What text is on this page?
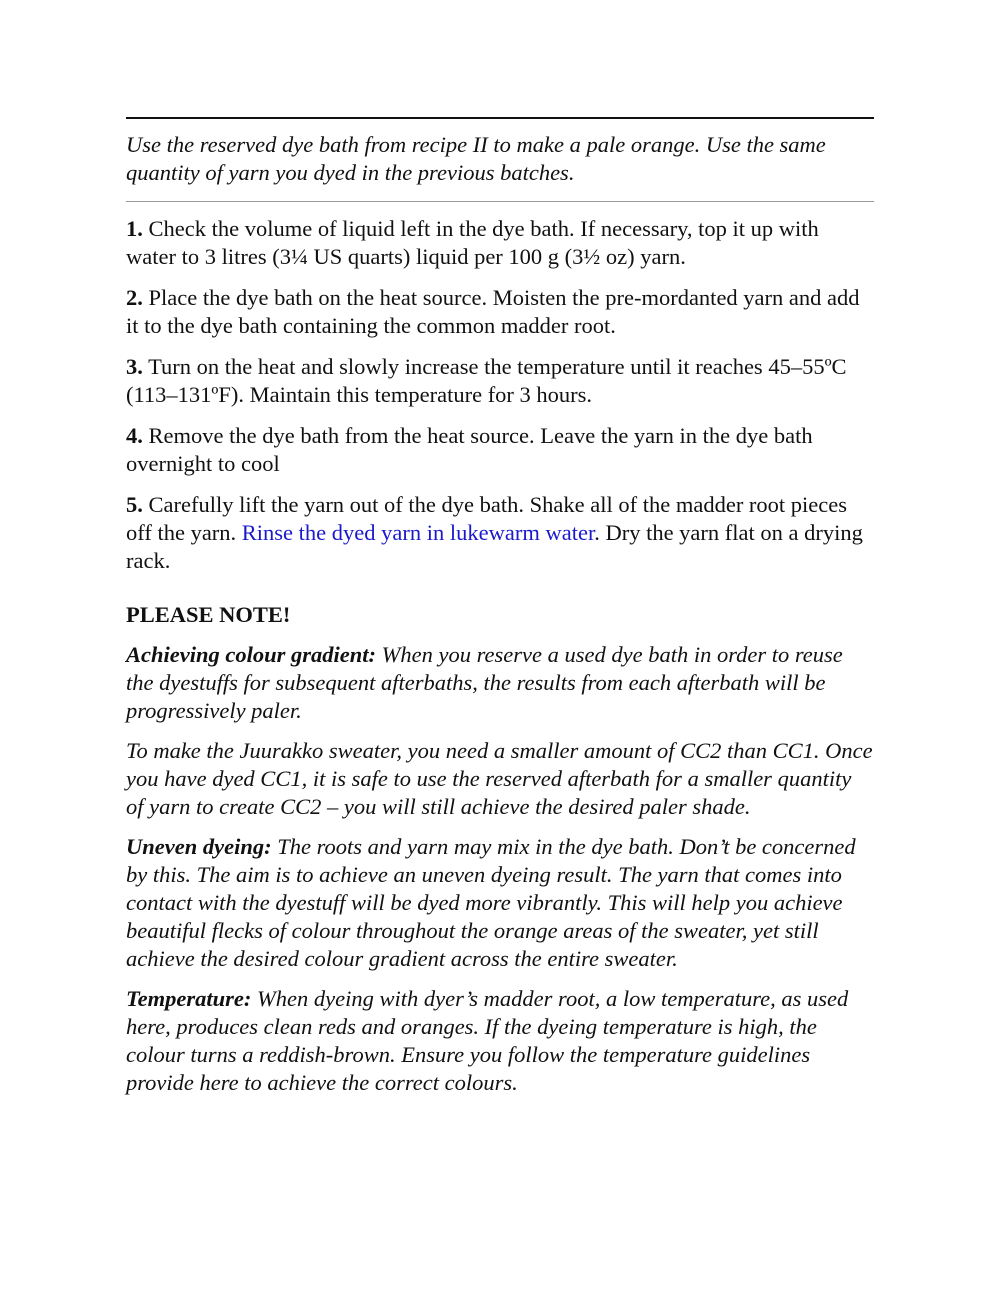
Use the reserved dye bath from recipe II to make a pale orange. Use the same quantity of yarn you dyed in the previous batches.

1. Check the volume of liquid left in the dye bath. If necessary, top it up with water to 3 litres (3¼ US quarts) liquid per 100 g (3½ oz) yarn.

2. Place the dye bath on the heat source. Moisten the pre-mordanted yarn and add it to the dye bath containing the common madder root.

3. Turn on the heat and slowly increase the temperature until it reaches 45–55ºC (113–131ºF). Maintain this temperature for 3 hours.

4. Remove the dye bath from the heat source. Leave the yarn in the dye bath overnight to cool

5. Carefully lift the yarn out of the dye bath. Shake all of the madder root pieces off the yarn. Rinse the dyed yarn in lukewarm water. Dry the yarn flat on a drying rack.

PLEASE NOTE!

Achieving colour gradient: When you reserve a used dye bath in order to reuse the dyestuffs for subsequent afterbaths, the results from each afterbath will be progressively paler.

To make the Juurakko sweater, you need a smaller amount of CC2 than CC1. Once you have dyed CC1, it is safe to use the reserved afterbath for a smaller quantity of yarn to create CC2 – you will still achieve the desired paler shade.

Uneven dyeing: The roots and yarn may mix in the dye bath. Don’t be concerned by this. The aim is to achieve an uneven dyeing result. The yarn that comes into contact with the dyestuff will be dyed more vibrantly. This will help you achieve beautiful flecks of colour throughout the orange areas of the sweater, yet still achieve the desired colour gradient across the entire sweater.

Temperature: When dyeing with dyer’s madder root, a low temperature, as used here, produces clean reds and oranges. If the dyeing temperature is high, the colour turns a reddish-brown. Ensure you follow the temperature guidelines provide here to achieve the correct colours.
